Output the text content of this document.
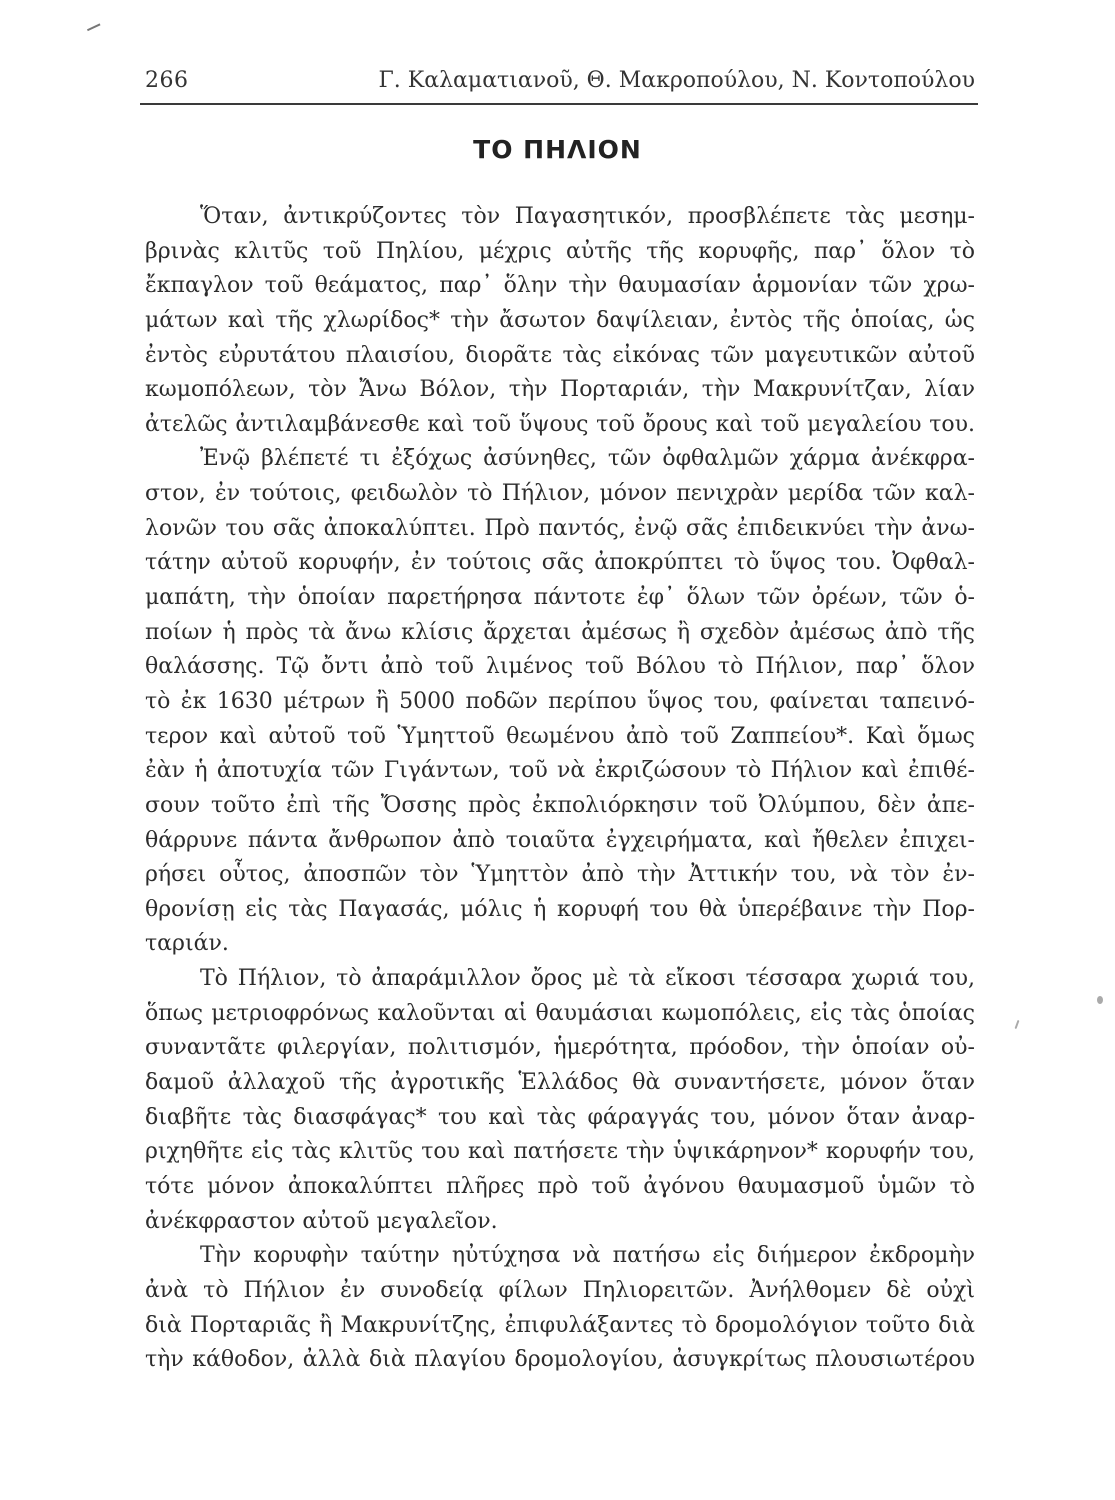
266	Γ. Καλαματιανοῦ, Θ. Μακροπούλου, Ν. Κοντοπούλου
ΤΟ ΠΗΛΙΟΝ
Ὅταν, ἀντικρύζοντες τὸν Παγασητικόν, προσβλέπετε τὰς μεσημ-
βρινὰς κλιτῦς τοῦ Πηλίου, μέχρις αὐτῆς τῆς κορυφῆς, παρ᾽ ὅλον τὸ
ἔκπαγλον τοῦ θεάματος, παρ᾽ ὅλην τὴν θαυμασίαν ἁρμονίαν τῶν χρω-
μάτων καὶ τῆς χλωρίδος* τὴν ἄσωτον δαψίλειαν, ἐντὸς τῆς ὁποίας, ὡς
ἐντὸς εὐρυτάτου πλαισίου, διορᾶτε τὰς εἰκόνας τῶν μαγευτικῶν αὐτοῦ
κωμοπόλεων, τὸν Ἄνω Βόλον, τὴν Πορταριάν, τὴν Μακρυνίτζαν, λίαν
ἀτελῶς ἀντιλαμβάνεσθε καὶ τοῦ ὕψους τοῦ ὄρους καὶ τοῦ μεγαλείου του.
Ἐνῷ βλέπετέ τι ἐξόχως ἀσύνηθες, τῶν ὀφθαλμῶν χάρμα ἀνέκφρα-
στον, ἐν τούτοις, φειδωλὸν τὸ Πήλιον, μόνον πενιχρὰν μερίδα τῶν καλ-
λονῶν του σᾶς ἀποκαλύπτει. Πρὸ παντός, ἐνῷ σᾶς ἐπιδεικνύει τὴν ἀνω-
τάτην αὐτοῦ κορυφήν, ἐν τούτοις σᾶς ἀποκρύπτει τὸ ὕψος του. Ὀφθαλ-
μαπάτη, τὴν ὁποίαν παρετήρησα πάντοτε ἐφ᾽ ὅλων τῶν ὀρέων, τῶν ὁ-
ποίων ἡ πρὸς τὰ ἄνω κλίσις ἄρχεται ἀμέσως ἢ σχεδὸν ἀμέσως ἀπὸ τῆς
θαλάσσης. Τῷ ὄντι ἀπὸ τοῦ λιμένος τοῦ Βόλου τὸ Πήλιον, παρ᾽ ὅλον
τὸ ἐκ 1630 μέτρων ἢ 5000 ποδῶν περίπου ὕψος του, φαίνεται ταπεινό-
τερον καὶ αὐτοῦ τοῦ Ὑμηττοῦ θεωμένου ἀπὸ τοῦ Ζαππείου*. Καὶ ὅμως
ἐὰν ἡ ἀποτυχία τῶν Γιγάντων, τοῦ νὰ ἐκριζώσουν τὸ Πήλιον καὶ ἐπιθέ-
σουν τοῦτο ἐπὶ τῆς Ὄσσης πρὸς ἐκπολιόρκησιν τοῦ Ὀλύμπου, δὲν ἀπε-
θάρρυνε πάντα ἄνθρωπον ἀπὸ τοιαῦτα ἐγχειρήματα, καὶ ἤθελεν ἐπιχει-
ρήσει οὗτος, ἀποσπῶν τὸν Ὑμηττὸν ἀπὸ τὴν Ἀττικήν του, νὰ τὸν ἐν-
θρονίσῃ εἰς τὰς Παγασάς, μόλις ἡ κορυφή του θὰ ὑπερέβαινε τὴν Πορ-
ταριάν.
Τὸ Πήλιον, τὸ ἀπαράμιλλον ὄρος μὲ τὰ εἴκοσι τέσσαρα χωριά του,
ὅπως μετριοφρόνως καλοῦνται αἱ θαυμάσιαι κωμοπόλεις, εἰς τὰς ὁποίας
συναντᾶτε φιλεργίαν, πολιτισμόν, ἡμερότητα, πρόοδον, τὴν ὁποίαν οὐ-
δαμοῦ ἀλλαχοῦ τῆς ἀγροτικῆς Ἑλλάδος θὰ συναντήσετε, μόνον ὅταν
διαβῆτε τὰς διασφάγας* του καὶ τὰς φάραγγάς του, μόνον ὅταν ἀναρ-
ριχηθῆτε εἰς τὰς κλιτῦς του καὶ πατήσετε τὴν ὑψικάρηνον* κορυφήν του,
τότε μόνον ἀποκαλύπτει πλῆρες πρὸ τοῦ ἀγόνου θαυμασμοῦ ὑμῶν τὸ
ἀνέκφραστον αὐτοῦ μεγαλεῖον.
Τὴν κορυφὴν ταύτην ηὐτύχησα νὰ πατήσω εἰς διήμερον ἐκδρομὴν
ἀνὰ τὸ Πήλιον ἐν συνοδείᾳ φίλων Πηλιορειτῶν. Ἀνήλθομεν δὲ οὐχὶ
διὰ Πορταριᾶς ἢ Μακρυνίτζης, ἐπιφυλάξαντες τὸ δρομολόγιον τοῦτο διὰ
τὴν κάθοδον, ἀλλὰ διὰ πλαγίου δρομολογίου, ἀσυγκρίτως πλουσιωτέρου
